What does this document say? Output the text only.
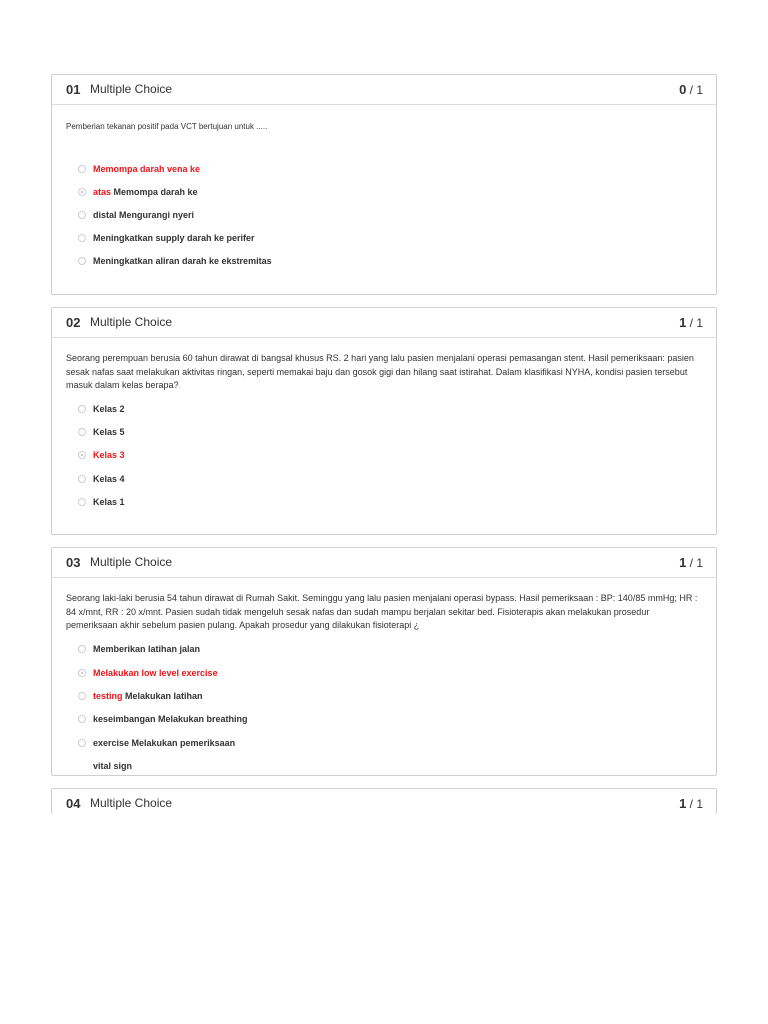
01 Multiple Choice	0 / 1

Pemberian tekanan positif pada VCT bertujuan untuk .....

Memompa darah vena ke
atas Memompa darah ke
distal Mengurangi nyeri
Meningkatkan supply darah ke perifer
Meningkatkan aliran darah ke ekstremitas
02 Multiple Choice	1 / 1

Seorang perempuan berusia 60 tahun dirawat di bangsal khusus RS. 2 hari yang lalu pasien menjalani operasi pemasangan stent. Hasil pemeriksaan: pasien sesak nafas saat melakukan aktivitas ringan, seperti memakai baju dan gosok gigi dan hilang saat istirahat. Dalam klasifikasi NYHA, kondisi pasien tersebut masuk dalam kelas berapa?

Kelas 2
Kelas 5
Kelas 3
Kelas 4
Kelas 1
03 Multiple Choice	1 / 1

Seorang laki-laki berusia 54 tahun dirawat di Rumah Sakit. Seminggu yang lalu pasien menjalani operasi bypass. Hasil pemeriksaan : BP: 140/85 mmHg; HR : 84 x/mnt, RR : 20 x/mnt. Pasien sudah tidak mengeluh sesak nafas dan sudah mampu berjalan sekitar bed. Fisioterapis akan melakukan prosedur pemeriksaan akhir sebelum pasien pulang. Apakah prosedur yang dilakukan fisioterapi ¿

Memberikan latihan jalan
Melakukan low level exercise
testing Melakukan latihan
keseimbangan Melakukan breathing
exercise Melakukan pemeriksaan
vital sign
04 Multiple Choice	1 / 1
